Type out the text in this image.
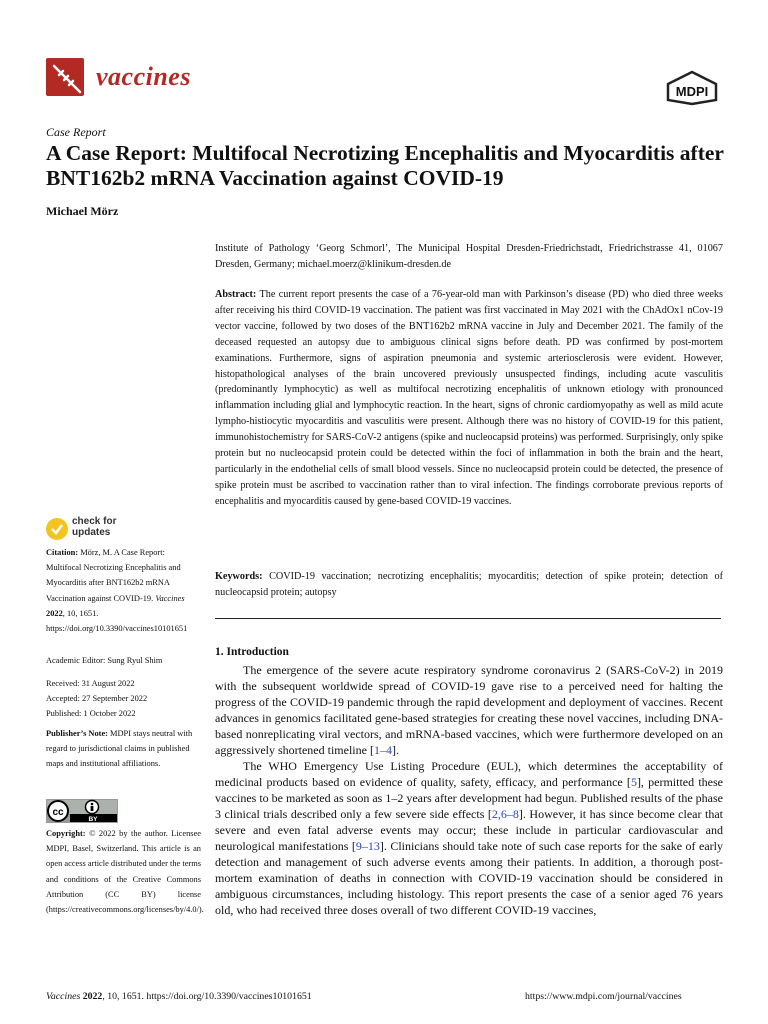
vaccines
MDPI
Case Report
A Case Report: Multifocal Necrotizing Encephalitis and Myocarditis after BNT162b2 mRNA Vaccination against COVID-19
Michael Mörz
Institute of Pathology ‘Georg Schmorl’, The Municipal Hospital Dresden-Friedrichstadt, Friedrichstrasse 41, 01067 Dresden, Germany; michael.moerz@klinikum-dresden.de
Abstract: The current report presents the case of a 76-year-old man with Parkinson’s disease (PD) who died three weeks after receiving his third COVID-19 vaccination. The patient was first vaccinated in May 2021 with the ChAdOx1 nCov-19 vector vaccine, followed by two doses of the BNT162b2 mRNA vaccine in July and December 2021. The family of the deceased requested an autopsy due to ambiguous clinical signs before death. PD was confirmed by post-mortem examinations. Furthermore, signs of aspiration pneumonia and systemic arteriosclerosis were evident. However, histopathological analyses of the brain uncovered previously unsuspected findings, including acute vasculitis (predominantly lymphocytic) as well as multifocal necrotizing encephalitis of unknown etiology with pronounced inflammation including glial and lymphocytic reaction. In the heart, signs of chronic cardiomyopathy as well as mild acute lympho-histiocytic myocarditis and vasculitis were present. Although there was no history of COVID-19 for this patient, immunohistochemistry for SARS-CoV-2 antigens (spike and nucleocapsid proteins) was performed. Surprisingly, only spike protein but no nucleocapsid protein could be detected within the foci of inflammation in both the brain and the heart, particularly in the endothelial cells of small blood vessels. Since no nucleocapsid protein could be detected, the presence of spike protein must be ascribed to vaccination rather than to viral infection. The findings corroborate previous reports of encephalitis and myocarditis caused by gene-based COVID-19 vaccines.
Keywords: COVID-19 vaccination; necrotizing encephalitis; myocarditis; detection of spike protein; detection of nucleocapsid protein; autopsy
1. Introduction

The emergence of the severe acute respiratory syndrome coronavirus 2 (SARS-CoV-2) in 2019 with the subsequent worldwide spread of COVID-19 gave rise to a perceived need for halting the progress of the COVID-19 pandemic through the rapid development and deployment of vaccines. Recent advances in genomics facilitated gene-based strategies for creating these novel vaccines, including DNA-based nonreplicating viral vectors, and mRNA-based vaccines, which were furthermore developed on an aggressively shortened timeline [1–4].

The WHO Emergency Use Listing Procedure (EUL), which determines the acceptability of medicinal products based on evidence of quality, safety, efficacy, and performance [5], permitted these vaccines to be marketed as soon as 1–2 years after development had begun. Published results of the phase 3 clinical trials described only a few severe side effects [2,6–8]. However, it has since become clear that severe and even fatal adverse events may occur; these include in particular cardiovascular and neurological manifestations [9–13]. Clinicians should take note of such case reports for the sake of early detection and management of such adverse events among their patients. In addition, a thorough post-mortem examination of deaths in connection with COVID-19 vaccination should be considered in ambiguous circumstances, including histology. This report presents the case of a senior aged 76 years old, who had received three doses overall of two different COVID-19 vaccines,

check for
updates
Citation: Mörz, M. A Case Report: Multifocal Necrotizing Encephalitis and Myocarditis after BNT162b2 mRNA Vaccination against COVID-19. Vaccines 2022, 10, 1651. https://doi.org/10.3390/vaccines10101651
Academic Editor: Sung Ryul Shim
Received: 31 August 2022
Accepted: 27 September 2022
Published: 1 October 2022
Publisher’s Note: MDPI stays neutral with regard to jurisdictional claims in published maps and institutional affiliations.
cc
BY
Copyright: © 2022 by the author. Licensee MDPI, Basel, Switzerland. This article is an open access article distributed under the terms and conditions of the Creative Commons Attribution (CC BY) license (https://creativecommons.org/licenses/by/4.0/).
Vaccines 2022, 10, 1651. https://doi.org/10.3390/vaccines10101651	https://www.mdpi.com/journal/vaccines
